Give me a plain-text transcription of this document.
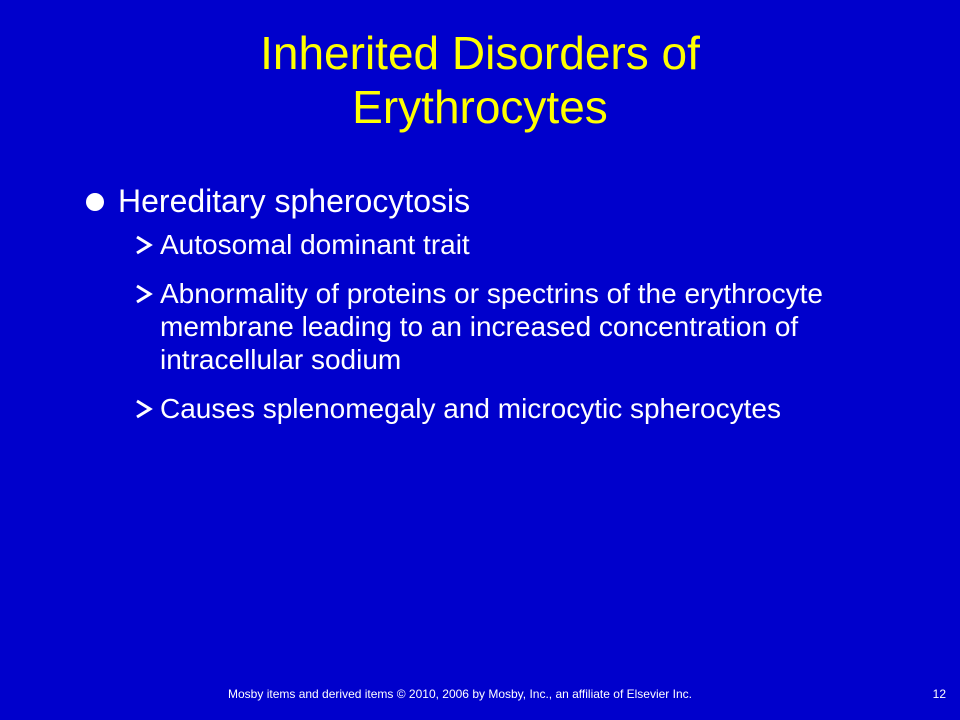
Inherited Disorders of
Erythrocytes
Hereditary spherocytosis
Autosomal dominant trait
Abnormality of proteins or spectrins of the erythrocyte membrane leading to an increased concentration of intracellular sodium
Causes splenomegaly and microcytic spherocytes
Mosby items and derived items © 2010, 2006 by Mosby, Inc., an affiliate of Elsevier Inc.	12
